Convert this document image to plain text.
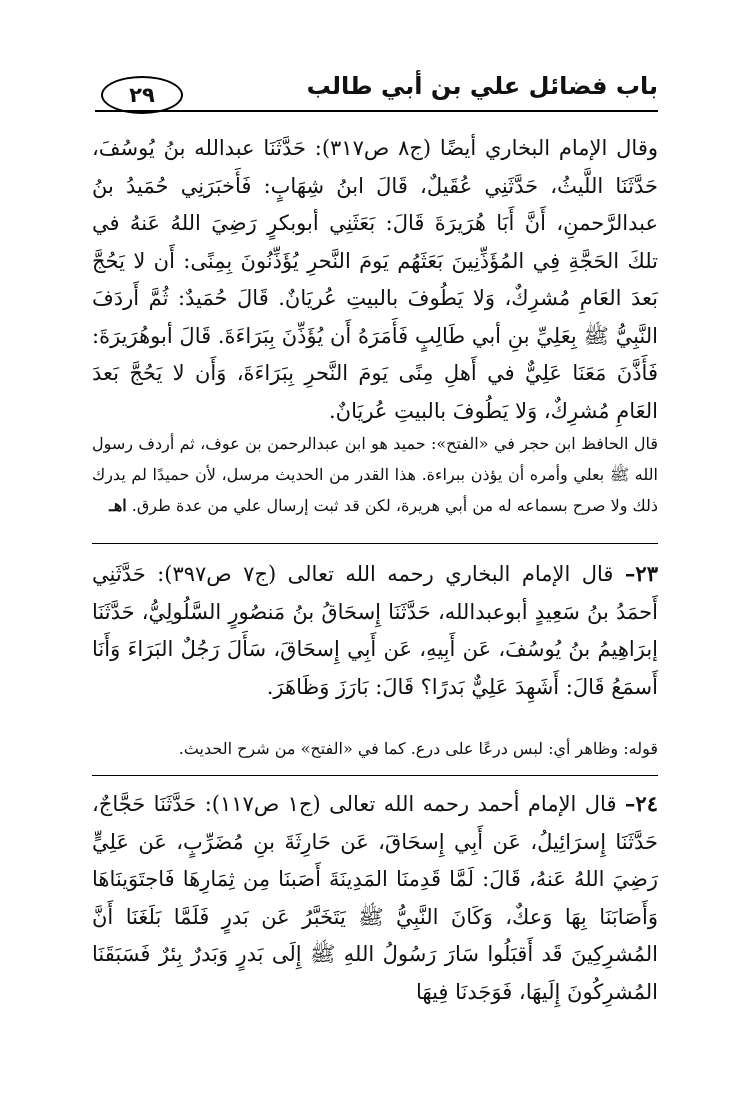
باب فضائل علي بن أبي طالب
٢٩

وقال الإمام البخاري أيضًا (ج٨ ص٣١٧): حَدَّثَنَا عبدالله بنُ يُوسُفَ، حَدَّثَنَا اللَّيثُ، حَدَّثَنِي عُقَيلٌ، قَالَ ابنُ شِهَابٍ: فَأَخبَرَنِي حُمَيدُ بنُ عبدالرَّحمنِ، أَنَّ أَبَا هُرَيرَةَ قَالَ: بَعَثَنِي أبوبكرٍ رَضِيَ اللهُ عَنهُ في تلكَ الحَجَّةِ فِي المُؤَذِّنِينَ بَعَثَهُم يَومَ النَّحرِ يُؤَذِّنُونَ بِمِنًى: أَن لا يَحُجَّ بَعدَ العَامِ مُشرِكٌ، وَلا يَطُوفَ بالبيتِ عُريَانٌ. قَالَ حُمَيدٌ: ثُمَّ أَردَفَ النَّبِيُّ ﷺ بِعَلِيِّ بنِ أبي طَالِبٍ فَأَمَرَهُ أَن يُؤَذِّنَ بِبَرَاءَةَ. قَالَ أبوهُرَيرَةَ: فَأَذَّنَ مَعَنَا عَلِيٌّ في أَهلِ مِنًى يَومَ النَّحرِ بِبَرَاءَةَ، وَأَن لا يَحُجَّ بَعدَ العَامِ مُشرِكٌ، وَلا يَطُوفَ بالبيتِ عُريَانٌ.

قال الحافظ ابن حجر في «الفتح»: حميد هو ابن عبدالرحمن بن عوف، ثم أردف رسول الله ﷺ بعلي وأمره أن يؤذن ببراءة. هذا القدر من الحديث مرسل، لأن حميدًا لم يدرك ذلك ولا صرح بسماعه له من أبي هريرة، لكن قد ثبت إرسال علي من عدة طرق. اهـ

٢٣– قال الإمام البخاري رحمه الله تعالى (ج٧ ص٣٩٧): حَدَّثَنِي أَحمَدُ بنُ سَعِيدٍ أبوعبدالله، حَدَّثَنَا إِسحَاقُ بنُ مَنصُورٍ السَّلُولِيُّ، حَدَّثَنَا إبرَاهِيمُ بنُ يُوسُفَ، عَن أَبِيهِ، عَن أَبِي إِسحَاقَ، سَأَلَ رَجُلٌ البَرَاءَ وَأَنَا أَسمَعُ قَالَ: أَشَهِدَ عَلِيٌّ بَدرًا؟ قَالَ: بَارَزَ وَظَاهَرَ.

قوله: وظاهر أي: لبس درعًا على درع. كما في «الفتح» من شرح الحديث.

٢٤– قال الإمام أحمد رحمه الله تعالى (ج١ ص١١٧): حَدَّثَنَا حَجَّاجٌ، حَدَّثَنَا إِسرَائِيلُ، عَن أَبِي إِسحَاقَ، عَن حَارِثَةَ بنِ مُضَرِّبٍ، عَن عَلِيٍّ رَضِيَ اللهُ عَنهُ، قَالَ: لَمَّا قَدِمنَا المَدِينَةَ أَصَبنَا مِن ثِمَارِهَا فَاجتَوَينَاهَا وَأَصَابَنَا بِهَا وَعكٌ، وَكَانَ النَّبِيُّ ﷺ يَتَخَبَّرُ عَن بَدرٍ فَلَمَّا بَلَغَنَا أَنَّ المُشرِكِينَ قَد أَقبَلُوا سَارَ رَسُولُ اللهِ ﷺ إِلَى بَدرٍ وَبَدرٌ بِئرٌ فَسَبَقَنَا المُشرِكُونَ إِلَيهَا، فَوَجَدنَا فِيهَا
